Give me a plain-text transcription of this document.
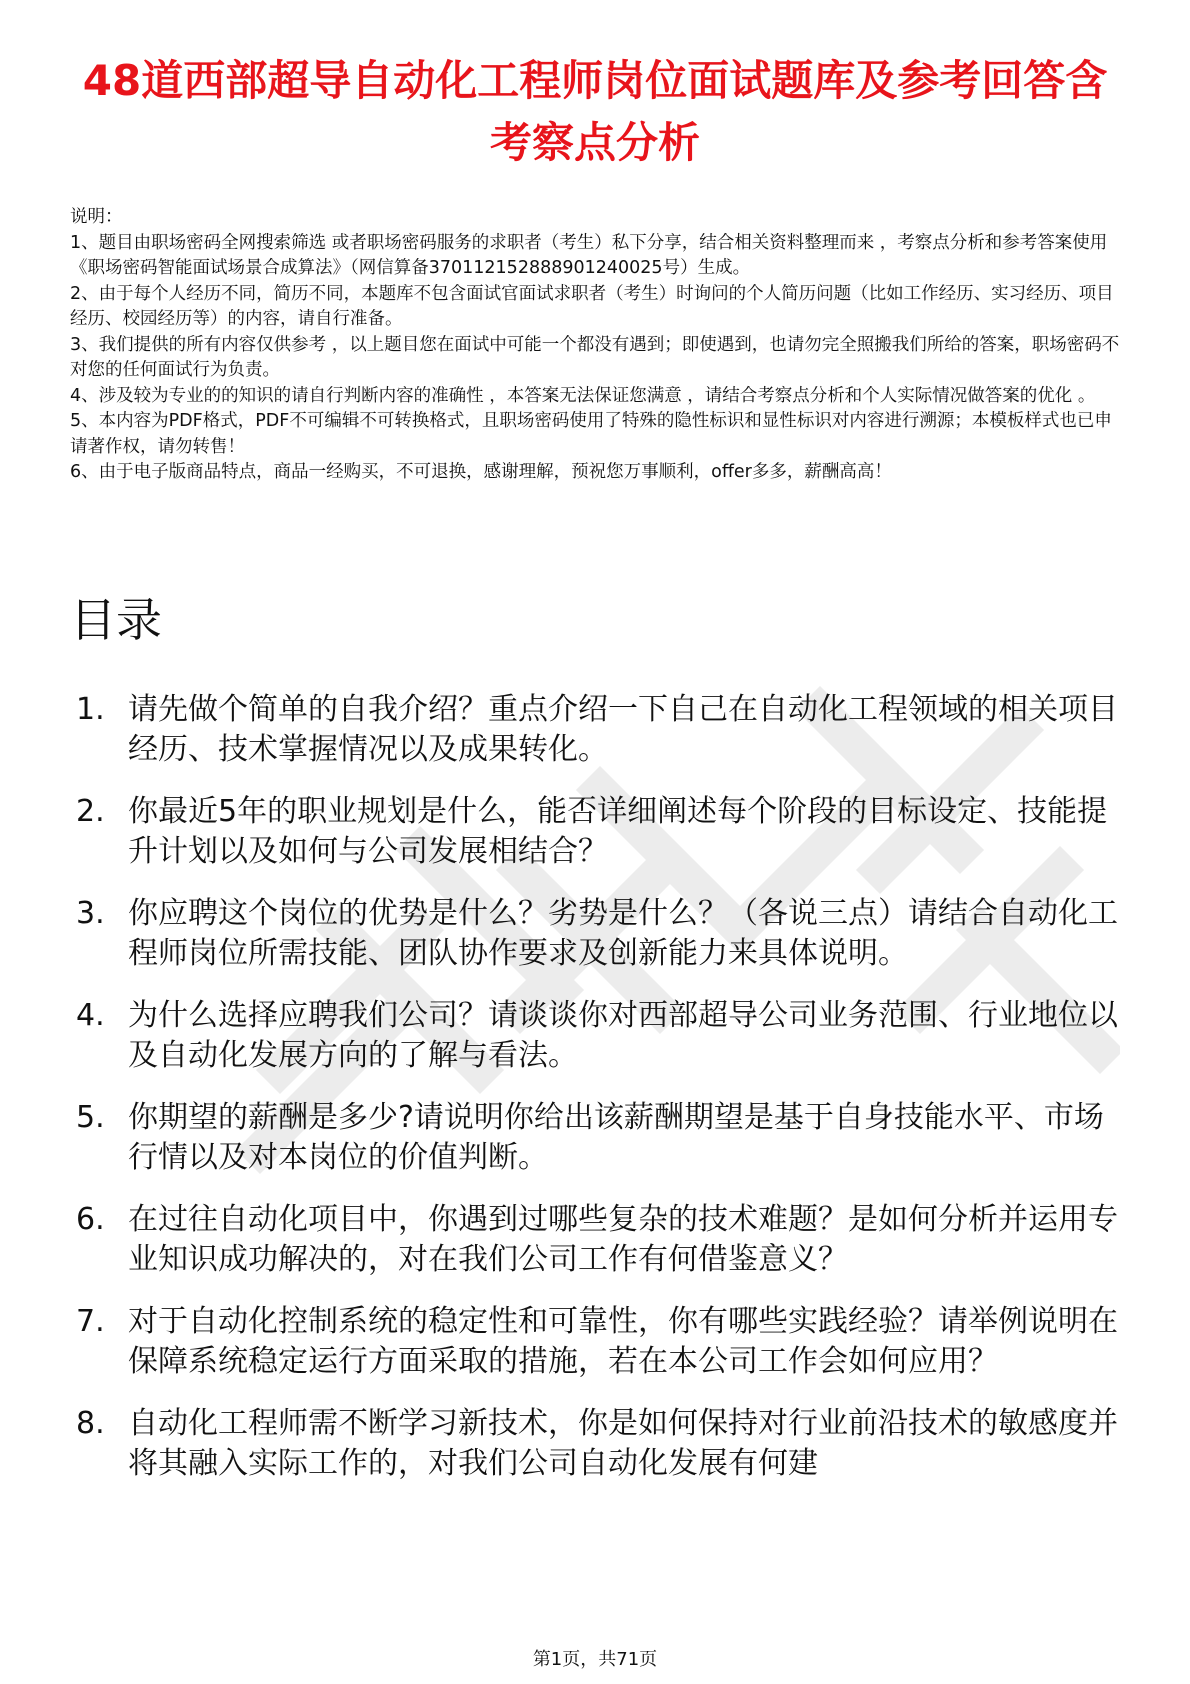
48道西部超导自动化工程师岗位面试题库及参考回答含考察点分析

说明：

1、题目由职场密码全网搜索筛选 或者职场密码服务的求职者（考生）私下分享，结合相关资料整理而来 ，考察点分析和参考答案使用《职场密码智能面试场景合成算法》（网信算备370112152888901240025号）生成。

2、由于每个人经历不同，简历不同，本题库不包含面试官面试求职者（考生）时询问的个人简历问题（比如工作经历、实习经历、项目经历、校园经历等）的内容，请自行准备。

3、我们提供的所有内容仅供参考 ，以上题目您在面试中可能一个都没有遇到；即使遇到，也请勿完全照搬我们所给的答案，职场密码不对您的任何面试行为负责。

4、涉及较为专业的的知识的请自行判断内容的准确性 ，本答案无法保证您满意 ，请结合考察点分析和个人实际情况做答案的优化 。

5、本内容为PDF格式，PDF不可编辑不可转换格式，且职场密码使用了特殊的隐性标识和显性标识对内容进行溯源；本模板样式也已申请著作权，请勿转售！

6、由于电子版商品特点，商品一经购买，不可退换，感谢理解，预祝您万事顺利，offer多多，薪酬高高！

目录
1. 请先做个简单的自我介绍？重点介绍一下自己在自动化工程领域的相关项目经历、技术掌握情况以及成果转化。
2. 你最近5年的职业规划是什么，能否详细阐述每个阶段的目标设定、技能提升计划以及如何与公司发展相结合？
3. 你应聘这个岗位的优势是什么？劣势是什么？（各说三点）请结合自动化工程师岗位所需技能、团队协作要求及创新能力来具体说明。
4. 为什么选择应聘我们公司？请谈谈你对西部超导公司业务范围、行业地位以及自动化发展方向的了解与看法。
5. 你期望的薪酬是多少?请说明你给出该薪酬期望是基于自身技能水平、市场行情以及对本岗位的价值判断。
6. 在过往自动化项目中，你遇到过哪些复杂的技术难题？是如何分析并运用专业知识成功解决的，对在我们公司工作有何借鉴意义？
7. 对于自动化控制系统的稳定性和可靠性，你有哪些实践经验？请举例说明在保障系统稳定运行方面采取的措施，若在本公司工作会如何应用？
8. 自动化工程师需不断学习新技术，你是如何保持对行业前沿技术的敏感度并将其融入实际工作的，对我们公司自动化发展有何建
第1页，共71页
